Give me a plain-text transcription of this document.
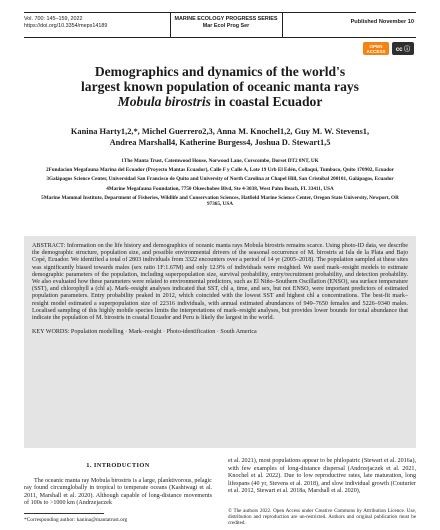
Vol. 700: 145–159, 2022
https://doi.org/10.3354/meps14189
MARINE ECOLOGY PROGRESS SERIES
Mar Ecol Prog Ser
Published November 10
OPEN
ACCESS cc ⓘ
Demographics and dynamics of the world's
largest known population of oceanic manta rays
Mobula birostris in coastal Ecuador
Kanina Harty1,2,*, Michel Guerrero2,3, Anna M. Knochel1,2, Guy M. W. Stevens1,
Andrea Marshall4, Katherine Burgess4, Joshua D. Stewart1,5

1The Manta Trust, Catemwood House, Norwood Lane, Corscombe, Dorset DT2 0NT, UK

2Fundacion Megafauna Marina del Ecuador (Proyecto Mantas Ecuador), Calle F y Calle A, Lote 19 Urb El Edén, Collaqui, Tumbaco, Quito 170902, Ecuador

3Galápagos Science Center, Universidad San Francisco de Quito and University of North Carolina at Chapel Hill, San Cristóbal 200101, Galápagos, Ecuador

4Marine Megafauna Foundation, 7750 Okeechobee Blvd, Ste 4-3038, West Palm Beach, FL 33411, USA

5Marine Mammal Institute, Department of Fisheries, Wildlife and Conservation Sciences, Hatfield Marine Science Center, Oregon State University, Newport, OR 97365, USA

ABSTRACT: Information on the life history and demographics of oceanic manta rays Mobula birostris remains scarce. Using photo-ID data, we describe the demographic structure, population size, and possible environmental drivers of the seasonal occurrence of M. birostris at Isla de la Plata and Bajo Copé, Ecuador. We identified a total of 2803 individuals from 3322 encounters over a period of 14 yr (2005–2018). The population sampled at these sites was significantly biased towards males (sex ratio 1F:1.67M) and only 12.9% of individuals were resighted. We used mark–resight models to estimate demographic parameters of the population, including superpopulation size, survival probability, entry/recruitment probability, and detection probability. We also evaluated how these parameters were related to environmental predictors, such as El Niño–Southern Oscillation (ENSO), sea surface temperature (SST), and chlorophyll a (chl a). Mark–resight analyses indicated that SST, chl a, time, and sex, but not ENSO, were important predictors of estimated population parameters. Entry probability peaked in 2012, which coincided with the lowest SST and highest chl a concentrations. The best-fit mark–resight model estimated a superpopulation size of 22316 individuals, with annual estimated abundances of 949–7650 females and 5226–9340 males. Localised sampling of this highly mobile species limits the interpretations of mark–resight analyses, but provides lower bounds for total abundance that indicate the population of M. birostris in coastal Ecuador and Peru is likely the largest in the world.

KEY WORDS: Population modelling · Mark–resight · Photo-identification · South America

1. INTRODUCTION

The oceanic manta ray Mobula birostris is a large, planktivorous, pelagic ray found circumglobally in tropical to temperate oceans (Kashiwagi et al. 2011, Marshall et al. 2020). Although capable of long-distance movements of 100s to >1000 km (Andrzejaczek

et al. 2021), most populations appear to be philopatric (Stewart et al. 2016a), with few examples of long-distance dispersal (Andrzejaczek et al. 2021, Knochel et al. 2022). Due to low reproductive rates, late maturation, long lifespans (40 yr, Stevens et al. 2018), and slow individual growth (Couturier et al. 2012, Stewart et al. 2018a, Marshall et al. 2020),

*Corresponding author: kanina@mantatrust.org
© The authors 2022. Open Access under Creative Commons by Attribution Licence. Use, distribution and reproduction are un-restricted. Authors and original publication must be credited.
